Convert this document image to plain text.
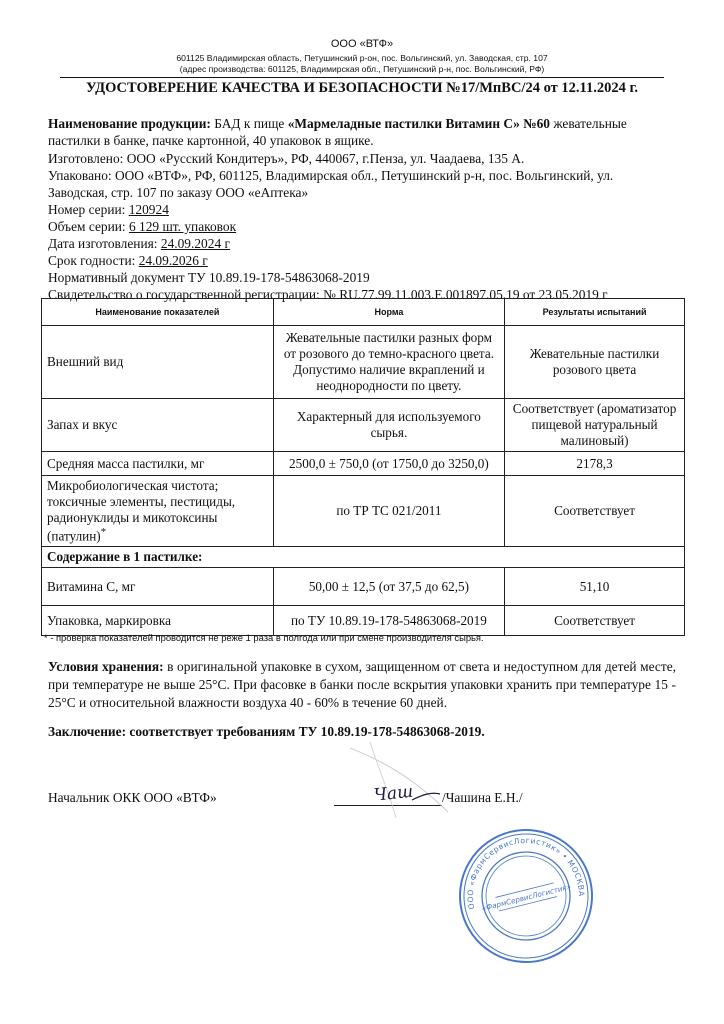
ООО «ВТФ»
601125 Владимирская область, Петушинский р-он, пос. Вольгинский, ул. Заводская, стр. 107
(адрес производства: 601125, Владимирская обл., Петушинский р-н, пос. Вольгинский, РФ)
УДОСТОВЕРЕНИЕ КАЧЕСТВА И БЕЗОПАСНОСТИ №17/МпВС/24 от 12.11.2024 г.
Наименование продукции: БАД к пище «Мармеладные пастилки Витамин С» №60 жевательные
пастилки в банке, пачке картонной, 40 упаковок в ящике.
Изготовлено: ООО «Русский Кондитеръ», РФ, 440067, г.Пенза, ул. Чаадаева, 135 А.
Упаковано: ООО «ВТФ», РФ, 601125, Владимирская обл., Петушинский р-н, пос. Вольгинский, ул.
Заводская, стр. 107 по заказу ООО «еАптека»
Номер серии: 120924
Объем серии: 6 129 шт. упаковок
Дата изготовления: 24.09.2024 г
Срок годности: 24.09.2026 г
Нормативный документ ТУ 10.89.19-178-54863068-2019
Свидетельство о государственной регистрации: № RU.77.99.11.003.Е.001897.05.19 от 23.05.2019 г
Наименование показателей	Норма	Результаты испытаний
Внешний вид	Жевательные пастилки разных форм от розового до темно-красного цвета. Допустимо наличие вкраплений и неоднородности по цвету.	Жевательные пастилки розового цвета
Запах и вкус	Характерный для используемого сырья.	Соответствует (ароматизатор пищевой натуральный малиновый)
Средняя масса пастилки, мг	2500,0 ± 750,0 (от 1750,0 до 3250,0)	2178,3
Микробиологическая чистота; токсичные элементы, пестициды, радионуклиды и микотоксины (патулин)*	по ТР ТС 021/2011	Соответствует
Содержание в 1 пастилке:		
Витамина С, мг	50,00 ± 12,5 (от 37,5 до 62,5)	51,10
Упаковка, маркировка	по ТУ 10.89.19-178-54863068-2019	Соответствует
* - проверка показателей проводится не реже 1 раза в полгода или при смене производителя сырья.
Условия хранения: в оригинальной упаковке в сухом, защищенном от света и недоступном для детей месте, при температуре не выше 25°С. При фасовке в банки после вскрытия упаковки хранить при температуре 15 - 25°С и относительной влажности воздуха 40 - 60% в течение 60 дней.
Заключение: соответствует требованиям ТУ 10.89.19-178-54863068-2019.
Начальник ОКК ООО «ВТФ»	/Чашина Е.Н./
Чаш
ООО «ФармСервисЛогистик» • МОСКВА
«ФармСервисЛогистик»
